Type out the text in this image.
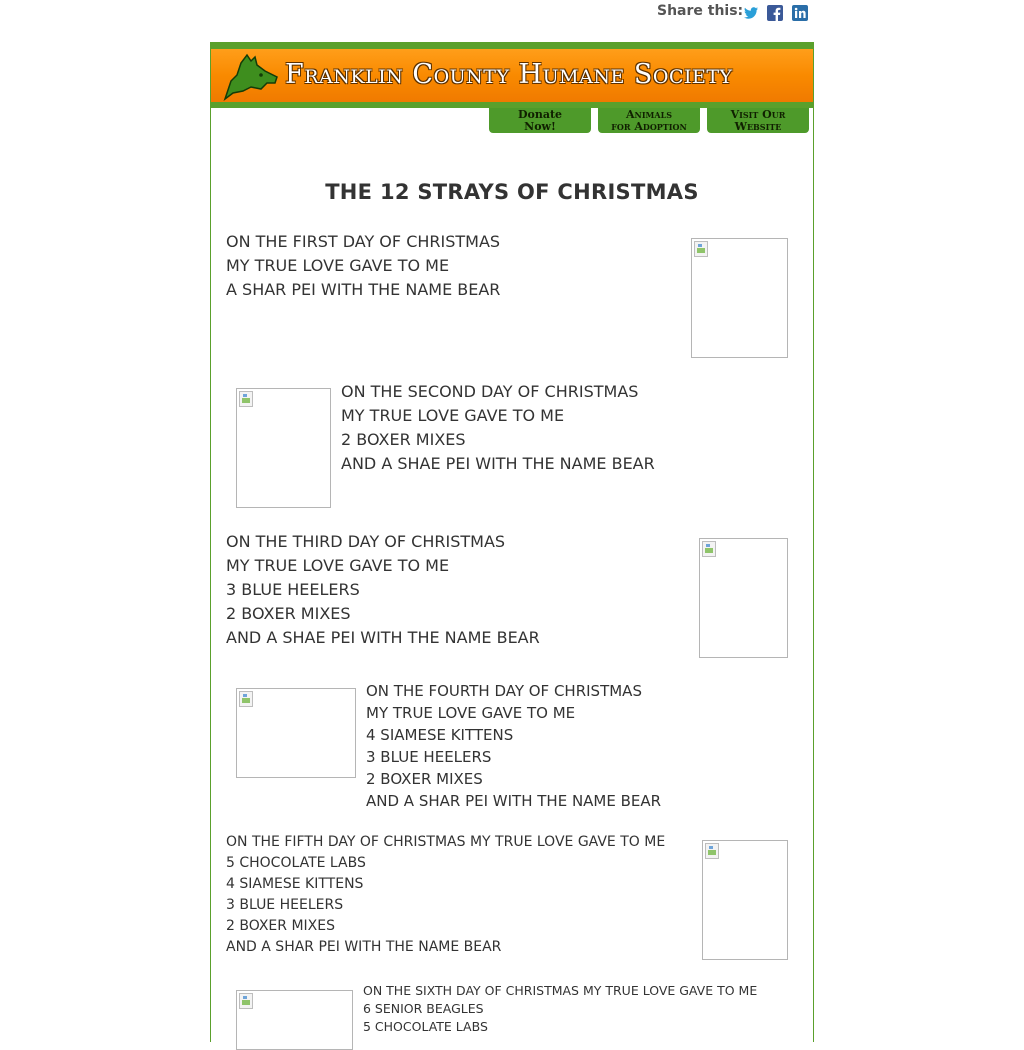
Share this:
Franklin County Humane Society
Donate
Now!
Animals
for Adoption
Visit Our
Website
THE 12 STRAYS OF CHRISTMAS
ON THE FIRST DAY OF CHRISTMAS
MY TRUE LOVE GAVE TO ME
A SHAR PEI WITH THE NAME BEAR
ON THE SECOND DAY OF CHRISTMAS
MY TRUE LOVE GAVE TO ME
2 BOXER MIXES
AND A SHAE PEI WITH THE NAME BEAR
ON THE THIRD DAY OF CHRISTMAS
MY TRUE LOVE GAVE TO ME
3 BLUE HEELERS
2 BOXER MIXES
AND A SHAE PEI WITH THE NAME BEAR
ON THE FOURTH DAY OF CHRISTMAS
MY TRUE LOVE GAVE TO ME
4 SIAMESE KITTENS
3 BLUE HEELERS
2 BOXER MIXES
AND A SHAR PEI WITH THE NAME BEAR
ON THE FIFTH DAY OF CHRISTMAS MY TRUE LOVE GAVE TO ME
5 CHOCOLATE LABS
4 SIAMESE KITTENS
3 BLUE HEELERS
2 BOXER MIXES
AND A SHAR PEI WITH THE NAME BEAR
ON THE SIXTH DAY OF CHRISTMAS MY TRUE LOVE GAVE TO ME
6 SENIOR BEAGLES
5 CHOCOLATE LABS
